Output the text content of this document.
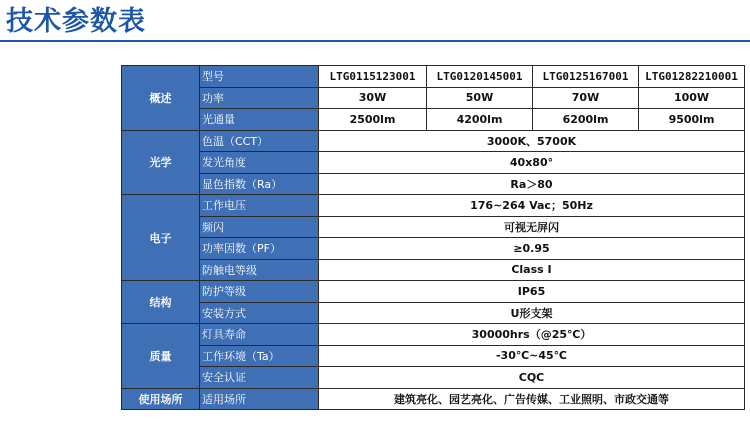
技术参数表
概述	型号	LTG0115123001	LTG0120145001	LTG0125167001	LTG01282210001
	功率	30W	50W	70W	100W
	光通量	2500lm	4200lm	6200lm	9500lm
光学	色温（CCT）	3000K、5700K			
	发光角度	40x80°			
	显色指数（Ra）	Ra＞80			
电子	工作电压	176~264 Vac；50Hz			
	频闪	可视无屏闪			
	功率因数（PF）	≥0.95			
	防触电等级	Class I			
结构	防护等级	IP65			
	安装方式	U形支架			
质量	灯具寿命	30000hrs（@25℃）			
	工作环境（Ta）	-30℃~45℃			
	安全认证	CQC			
使用场所	适用场所	建筑亮化、园艺亮化、广告传媒、工业照明、市政交通等			
